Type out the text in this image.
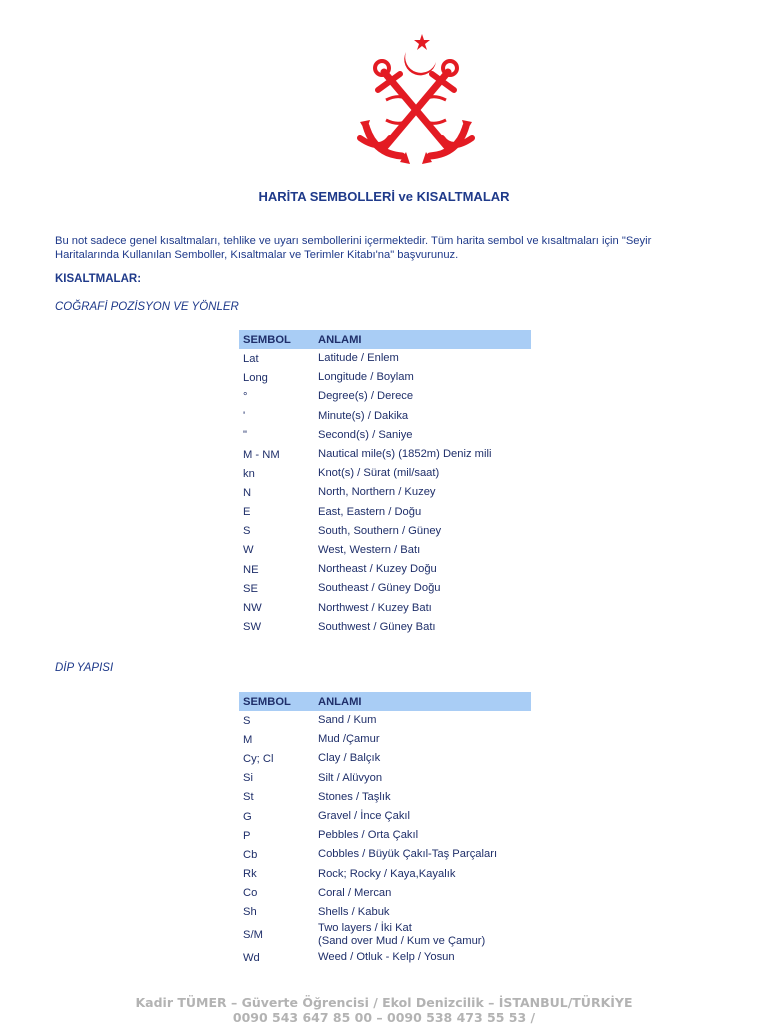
HARİTA SEMBOLLERİ ve KISALTMALAR

Bu not sadece genel kısaltmaları, tehlike ve uyarı sembollerini içermektedir. Tüm harita sembol ve kısaltmaları için "Seyir Haritalarında Kullanılan Semboller, Kısaltmalar ve Terimler Kitabı'na" başvurunuz.

KISALTMALAR:

COĞRAFİ POZİSYON VE YÖNLER

SEMBOL	ANLAMI
Lat	Latitude / Enlem
Long	Longitude / Boylam
°	Degree(s) / Derece
'	Minute(s) / Dakika
"	Second(s) / Saniye
M - NM	Nautical mile(s) (1852m) Deniz mili
kn	Knot(s) / Sürat (mil/saat)
N	North, Northern / Kuzey
E	East, Eastern / Doğu
S	South, Southern / Güney
W	West, Western / Batı
NE	Northeast / Kuzey Doğu
SE	Southeast / Güney Doğu
NW	Northwest / Kuzey Batı
SW	Southwest / Güney Batı

DİP YAPISI

SEMBOL	ANLAMI
S	Sand / Kum
M	Mud /Çamur
Cy; Cl	Clay / Balçık
Si	Silt / Alüvyon
St	Stones / Taşlık
G	Gravel / İnce Çakıl
P	Pebbles / Orta Çakıl
Cb	Cobbles / Büyük Çakıl-Taş Parçaları
Rk	Rock; Rocky / Kaya,Kayalık
Co	Coral / Mercan
Sh	Shells / Kabuk
S/M	Two layers / İki Kat
(Sand over Mud / Kum ve Çamur)
Wd	Weed / Otluk - Kelp / Yosun
Kadir TÜMER – Güverte Öğrencisi / Ekol Denizcilik – İSTANBUL/TÜRKİYE
0090 543 647 85 00 – 0090 538 473 55 53 /
